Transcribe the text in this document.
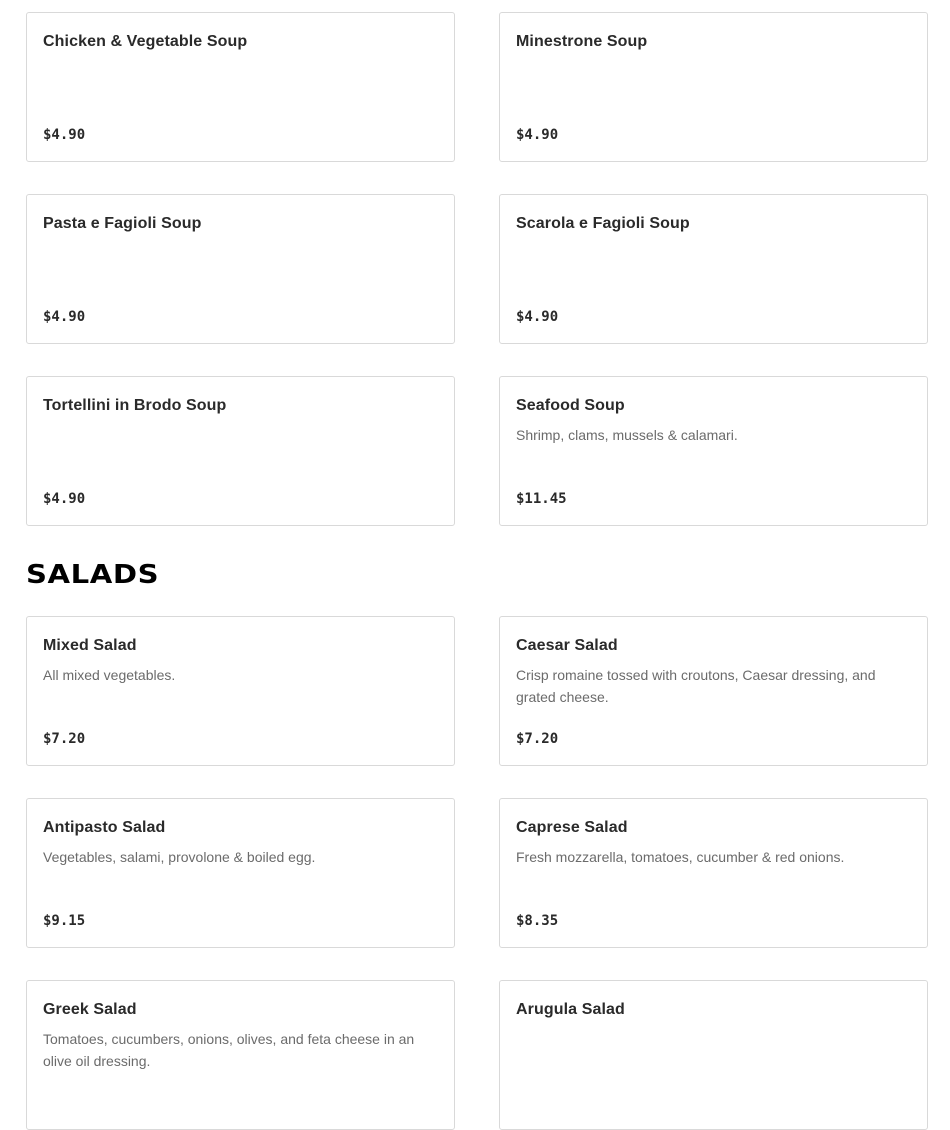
Chicken & Vegetable Soup
$4.90
Minestrone Soup
$4.90
Pasta e Fagioli Soup
$4.90
Scarola e Fagioli Soup
$4.90
Tortellini in Brodo Soup
$4.90
Seafood Soup
Shrimp, clams, mussels & calamari.
$11.45
SALADS
Mixed Salad
All mixed vegetables.
$7.20
Caesar Salad
Crisp romaine tossed with croutons, Caesar dressing, and grated cheese.
$7.20
Antipasto Salad
Vegetables, salami, provolone & boiled egg.
$9.15
Caprese Salad
Fresh mozzarella, tomatoes, cucumber & red onions.
$8.35
Greek Salad
Tomatoes, cucumbers, onions, olives, and feta cheese in an olive oil dressing.
Arugula Salad
